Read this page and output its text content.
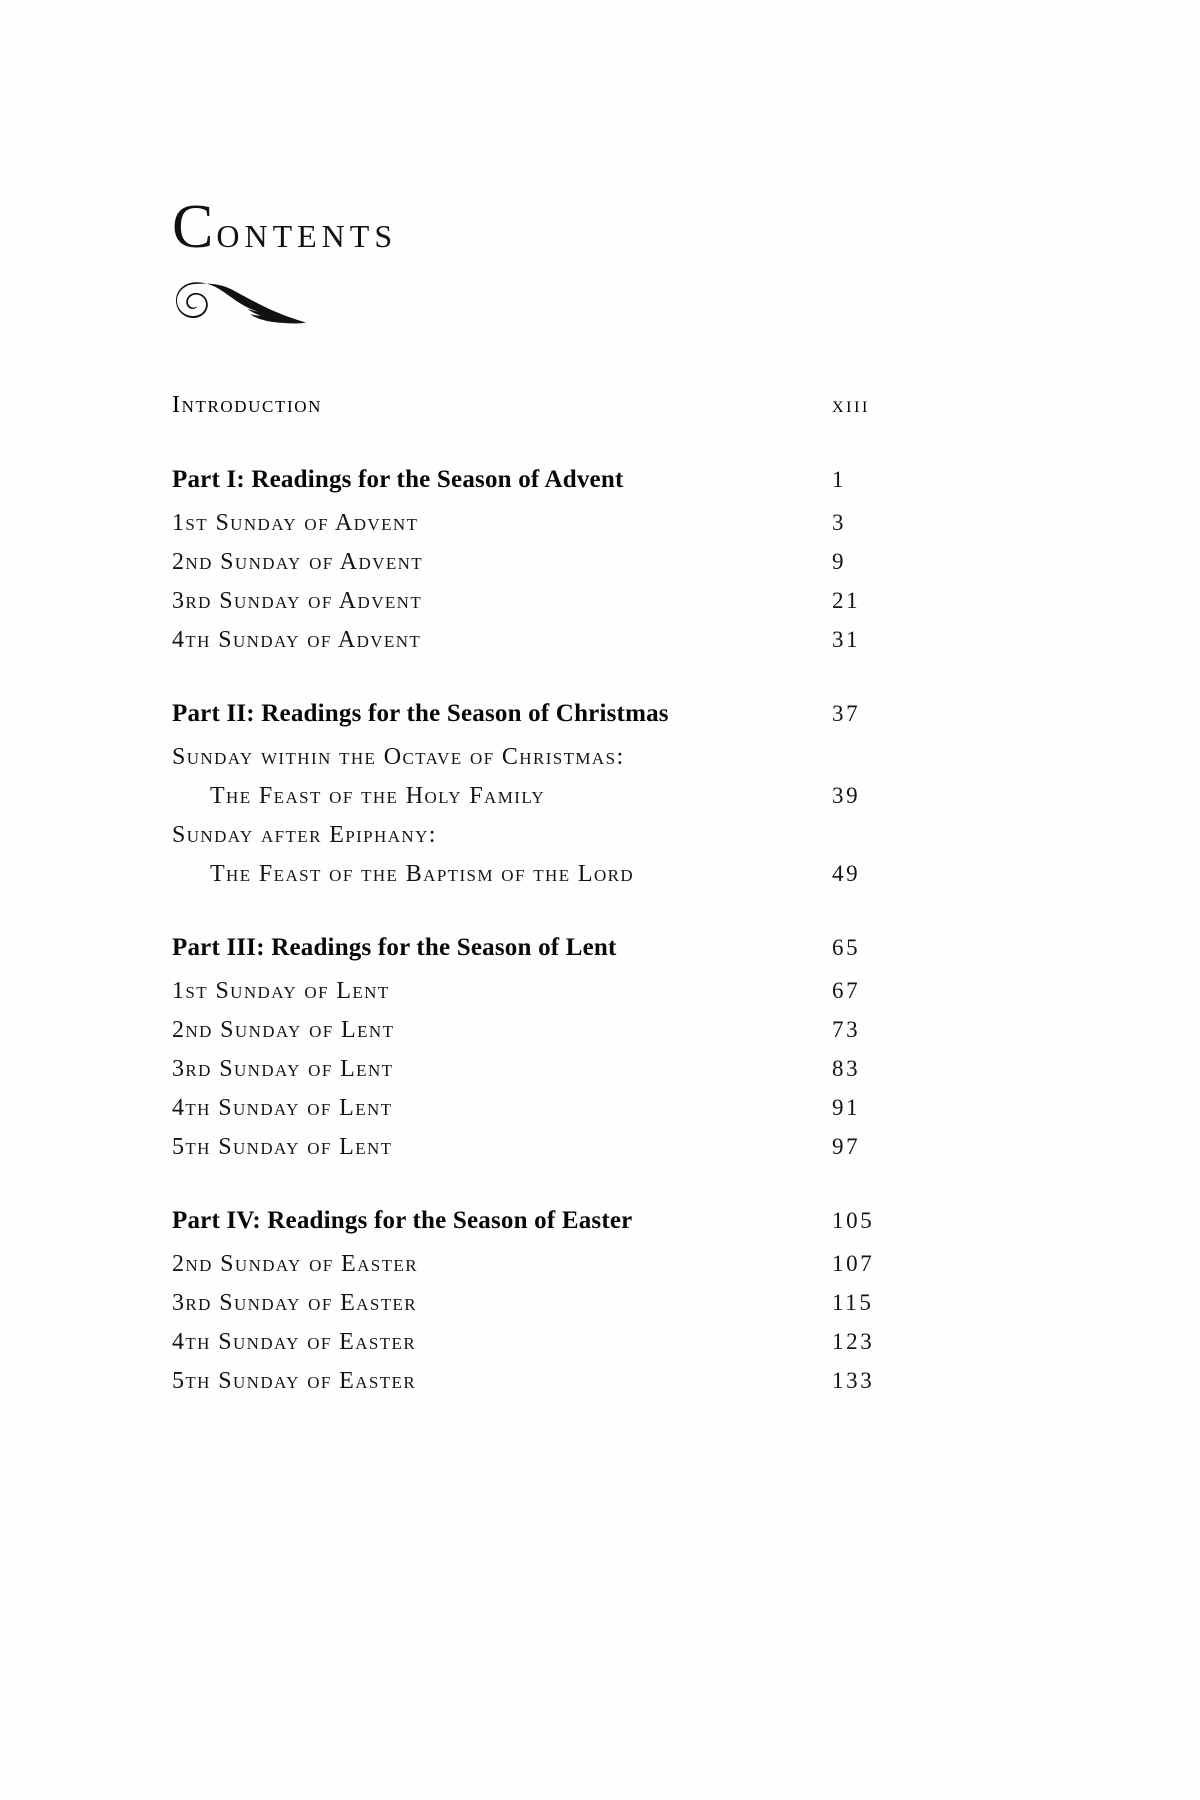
Contents
Introduction	xiii
Part I: Readings for the Season of Advent	1
1st Sunday of Advent	3
2nd Sunday of Advent	9
3rd Sunday of Advent	21
4th Sunday of Advent	31
Part II: Readings for the Season of Christmas	37
Sunday within the Octave of Christmas:
The Feast of the Holy Family	39
Sunday after Epiphany:
The Feast of the Baptism of the Lord	49
Part III: Readings for the Season of Lent	65
1st Sunday of Lent	67
2nd Sunday of Lent	73
3rd Sunday of Lent	83
4th Sunday of Lent	91
5th Sunday of Lent	97
Part IV: Readings for the Season of Easter	105
2nd Sunday of Easter	107
3rd Sunday of Easter	115
4th Sunday of Easter	123
5th Sunday of Easter	133
